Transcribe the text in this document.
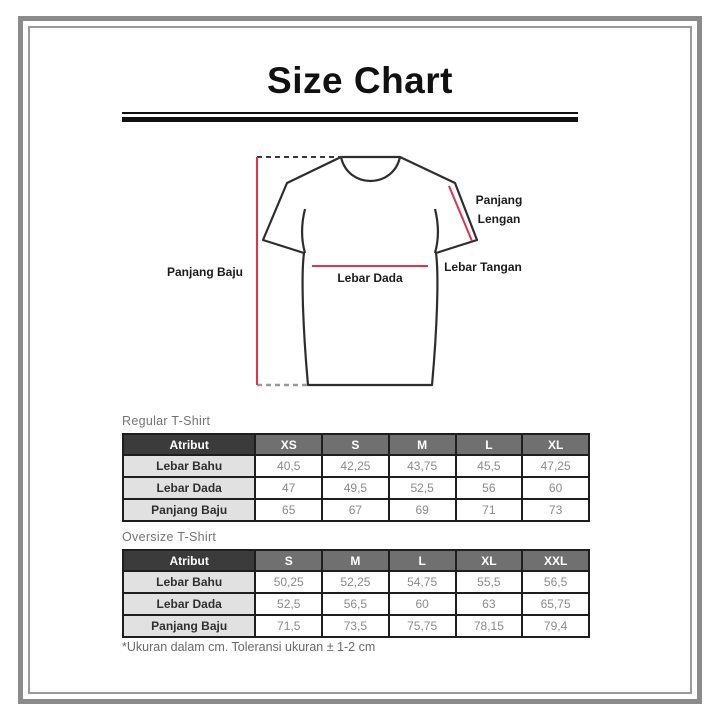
Size Chart
Panjang Baju	Lebar Dada
Panjang
Lengan
Lebar Tangan
Regular T-Shirt
Atribut	XS	S	M	L	XL
Lebar Bahu	40,5	42,25	43,75	45,5	47,25
Lebar Dada	47	49,5	52,5	56	60
Panjang Baju	65	67	69	71	73
Oversize T-Shirt
Atribut	S	M	L	XL	XXL
Lebar Bahu	50,25	52,25	54,75	55,5	56,5
Lebar Dada	52,5	56,5	60	63	65,75
Panjang Baju	71,5	73,5	75,75	78,15	79,4
*Ukuran dalam cm. Toleransi ukuran ± 1-2 cm
